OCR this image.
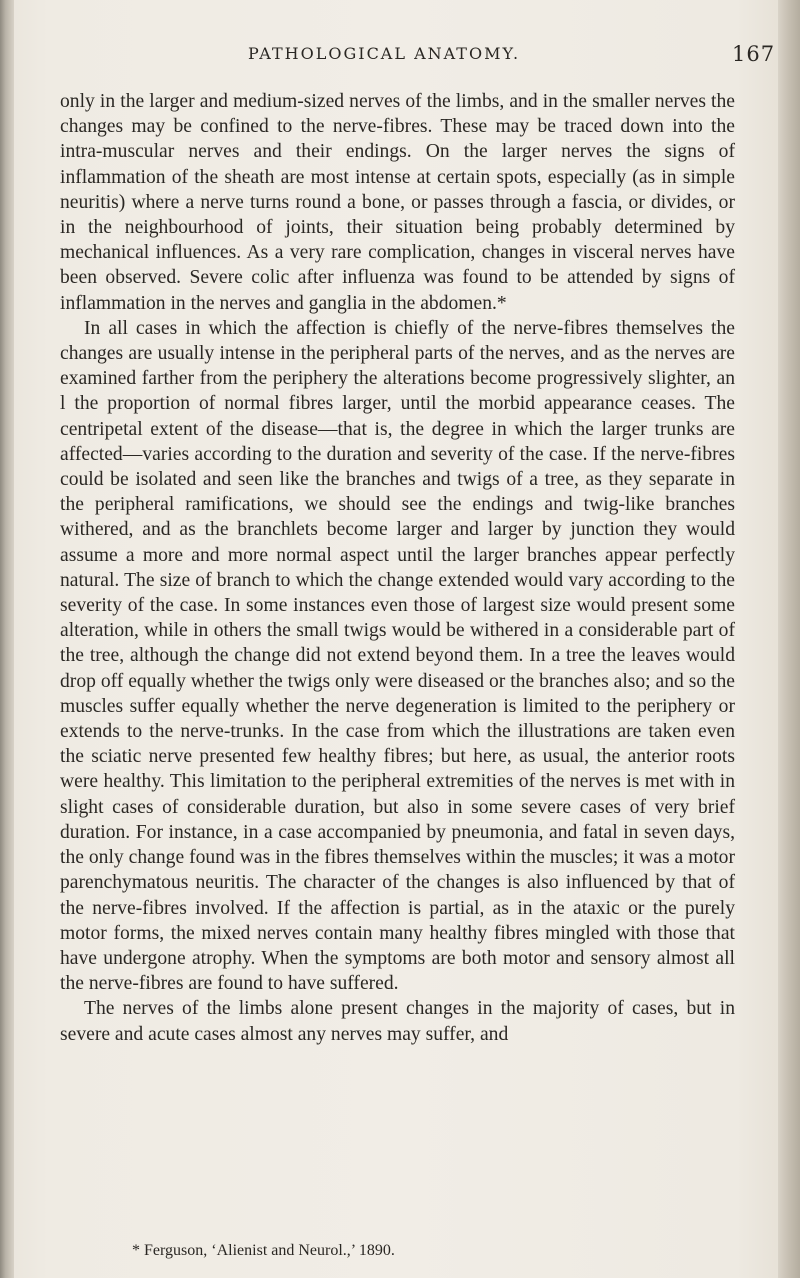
PATHOLOGICAL ANATOMY.	167

only in the larger and medium-sized nerves of the limbs, and in the smaller nerves the changes may be confined to the nerve-fibres. These may be traced down into the intra-muscular nerves and their endings. On the larger nerves the signs of inflammation of the sheath are most intense at certain spots, especially (as in simple neuritis) where a nerve turns round a bone, or passes through a fascia, or divides, or in the neighbourhood of joints, their situation being probably determined by mechanical influences. As a very rare complication, changes in visceral nerves have been observed. Severe colic after influenza was found to be attended by signs of inflammation in the nerves and ganglia in the abdomen.*

In all cases in which the affection is chiefly of the nerve-fibres themselves the changes are usually intense in the peripheral parts of the nerves, and as the nerves are examined farther from the periphery the alterations become progressively slighter, an l the proportion of normal fibres larger, until the morbid appearance ceases. The centripetal extent of the disease—that is, the degree in which the larger trunks are affected—varies according to the duration and severity of the case. If the nerve-fibres could be isolated and seen like the branches and twigs of a tree, as they separate in the peripheral ramifications, we should see the endings and twig-like branches withered, and as the branchlets become larger and larger by junction they would assume a more and more normal aspect until the larger branches appear perfectly natural. The size of branch to which the change extended would vary according to the severity of the case. In some instances even those of largest size would present some alteration, while in others the small twigs would be withered in a considerable part of the tree, although the change did not extend beyond them. In a tree the leaves would drop off equally whether the twigs only were diseased or the branches also; and so the muscles suffer equally whether the nerve degeneration is limited to the periphery or extends to the nerve-trunks. In the case from which the illustrations are taken even the sciatic nerve presented few healthy fibres; but here, as usual, the anterior roots were healthy. This limitation to the peripheral extremities of the nerves is met with in slight cases of considerable duration, but also in some severe cases of very brief duration. For instance, in a case accompanied by pneumonia, and fatal in seven days, the only change found was in the fibres themselves within the muscles; it was a motor parenchymatous neuritis. The character of the changes is also influenced by that of the nerve-fibres involved. If the affection is partial, as in the ataxic or the purely motor forms, the mixed nerves contain many healthy fibres mingled with those that have undergone atrophy. When the symptoms are both motor and sensory almost all the nerve-fibres are found to have suffered.

The nerves of the limbs alone present changes in the majority of cases, but in severe and acute cases almost any nerves may suffer, and

* Ferguson, ‘Alienist and Neurol.,’ 1890.
